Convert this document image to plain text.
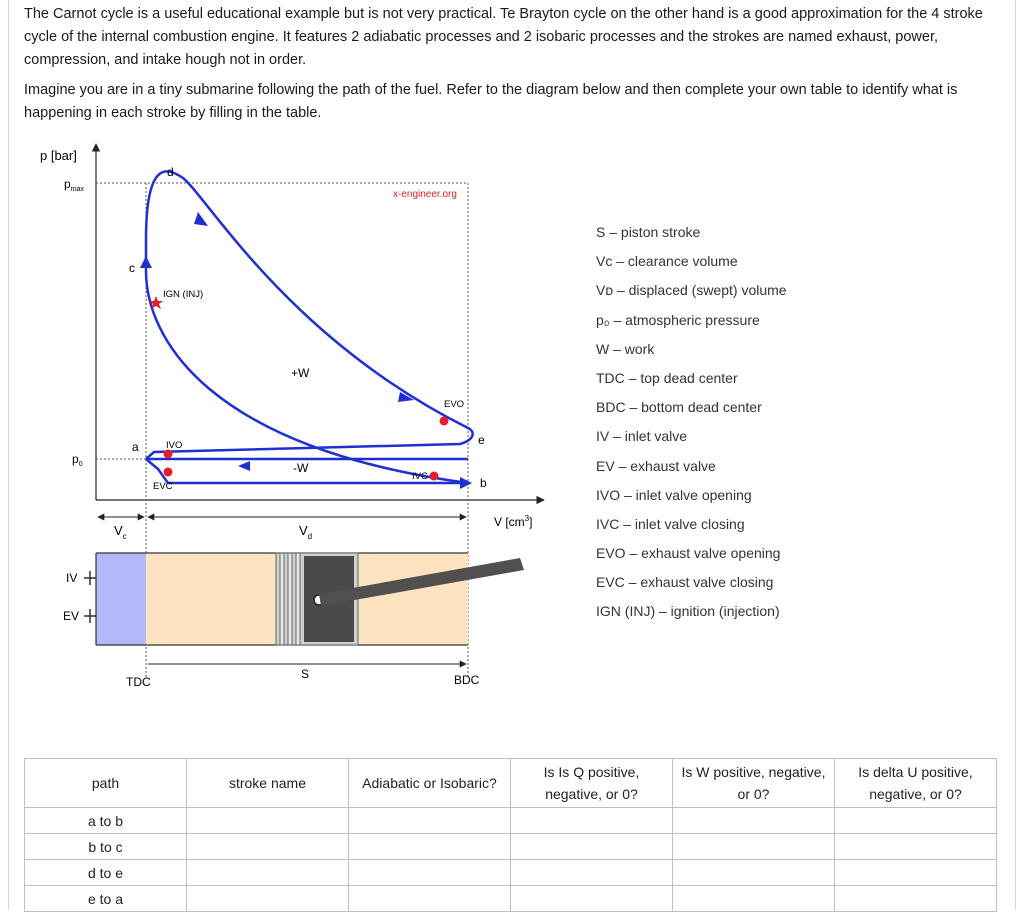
The Carnot cycle is a useful educational example but is not very practical. Te Brayton cycle on the other hand is a good approximation for the 4 stroke cycle of the internal combustion engine. It features 2 adiabatic processes and 2 isobaric processes and the strokes are named exhaust, power, compression, and intake hough not in order.
Imagine you are in a tiny submarine following the path of the fuel. Refer to the diagram below and then complete your own table to identify what is happening in each stroke by filling in the table.
p [bar]
V $[cm^3]$
$p_{max}$
$p_0$
x-engineer.org
d
c
a	e
b
IGN (INJ)
EVO
IVO
IVC
EVC
+W
-W
$V_c$	$V_d$
IV
EV
TDC
S	BDC
S – piston stroke
Vᴄ – clearance volume
Vᴅ – displaced (swept) volume
p₀ – atmospheric pressure
W – work
TDC – top dead center
BDC – bottom dead center
IV – inlet valve
EV – exhaust valve
IVO – inlet valve opening
IVC – inlet valve closing
EVO – exhaust valve opening
EVC – exhaust valve closing
IGN (INJ) – ignition (injection)
path	stroke name	Adiabatic or Isobaric?	Is Is Q positive, negative, or 0?	Is W positive, negative, or 0?	Is delta U positive, negative, or 0?
a to b					
b to c					
d to e					
e to a					
